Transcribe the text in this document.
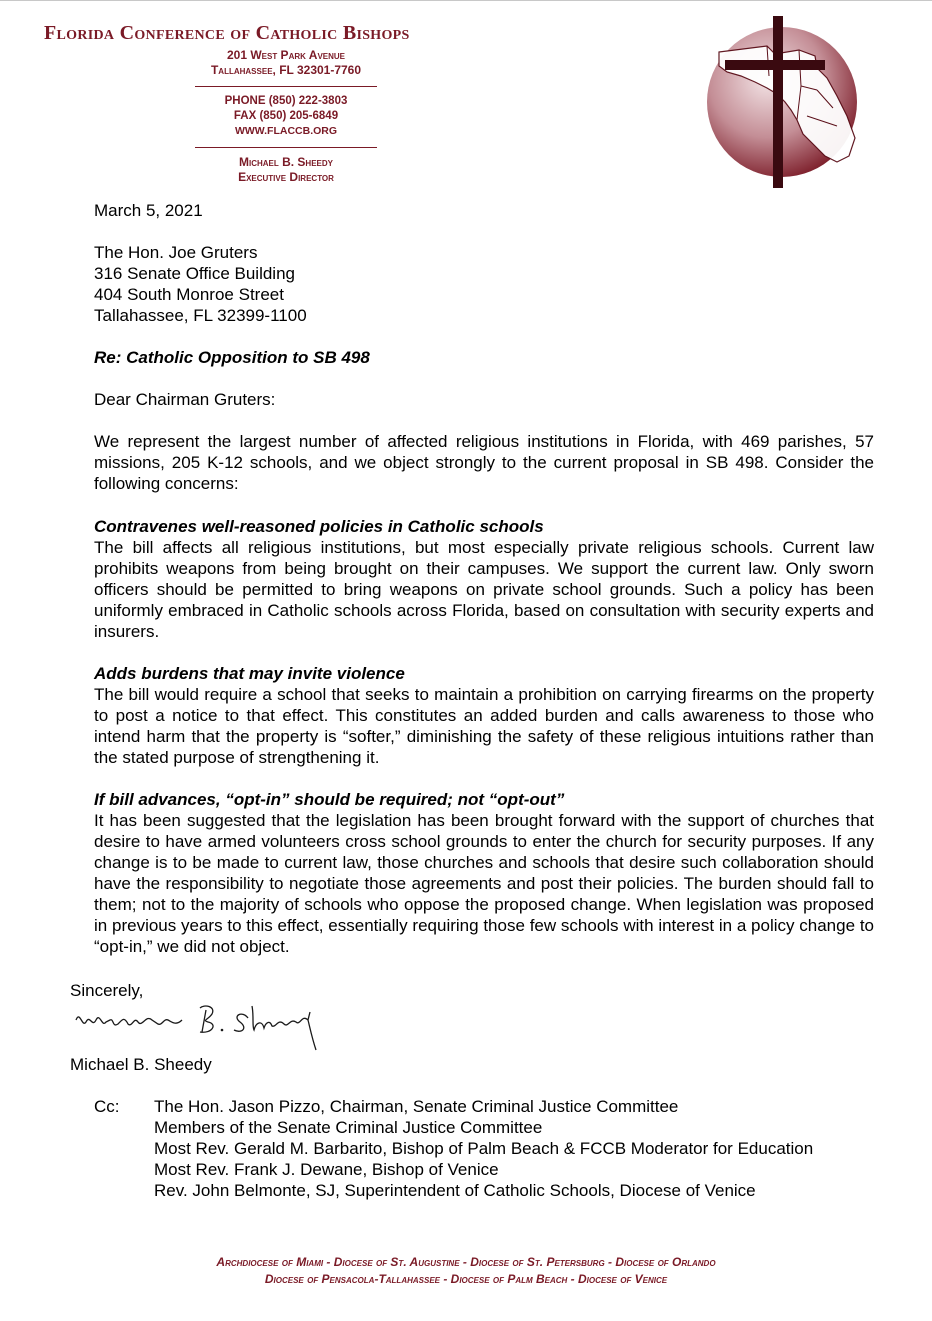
Florida Conference of Catholic Bishops
201 West Park Avenue
Tallahassee, FL 32301-7760
PHONE (850) 222-3803
FAX (850) 205-6849
WWW.FLACCB.ORG
Michael B. Sheedy
Executive Director
March 5, 2021
The Hon. Joe Gruters
316 Senate Office Building
404 South Monroe Street
Tallahassee, FL 32399-1100
Re: Catholic Opposition to SB 498
Dear Chairman Gruters:
We represent the largest number of affected religious institutions in Florida, with 469 parishes, 57 missions, 205 K-12 schools, and we object strongly to the current proposal in SB 498. Consider the following concerns:
Contravenes well-reasoned policies in Catholic schools
The bill affects all religious institutions, but most especially private religious schools. Current law prohibits weapons from being brought on their campuses. We support the current law. Only sworn officers should be permitted to bring weapons on private school grounds. Such a policy has been uniformly embraced in Catholic schools across Florida, based on consultation with security experts and insurers.
Adds burdens that may invite violence
The bill would require a school that seeks to maintain a prohibition on carrying firearms on the property to post a notice to that effect. This constitutes an added burden and calls awareness to those who intend harm that the property is “softer,” diminishing the safety of these religious intuitions rather than the stated purpose of strengthening it.
If bill advances, “opt-in” should be required; not “opt-out”
It has been suggested that the legislation has been brought forward with the support of churches that desire to have armed volunteers cross school grounds to enter the church for security purposes. If any change is to be made to current law, those churches and schools that desire such collaboration should have the responsibility to negotiate those agreements and post their policies. The burden should fall to them; not to the majority of schools who oppose the proposed change. When legislation was proposed in previous years to this effect, essentially requiring those few schools with interest in a policy change to “opt-in,” we did not object.
Sincerely,
Michael B. Sheedy
Cc: The Hon. Jason Pizzo, Chairman, Senate Criminal Justice Committee
Members of the Senate Criminal Justice Committee
Most Rev. Gerald M. Barbarito, Bishop of Palm Beach & FCCB Moderator for Education
Most Rev. Frank J. Dewane, Bishop of Venice
Rev. John Belmonte, SJ, Superintendent of Catholic Schools, Diocese of Venice
Archdiocese of Miami - Diocese of St. Augustine - Diocese of St. Petersburg - Diocese of Orlando
Diocese of Pensacola-Tallahassee - Diocese of Palm Beach - Diocese of Venice
